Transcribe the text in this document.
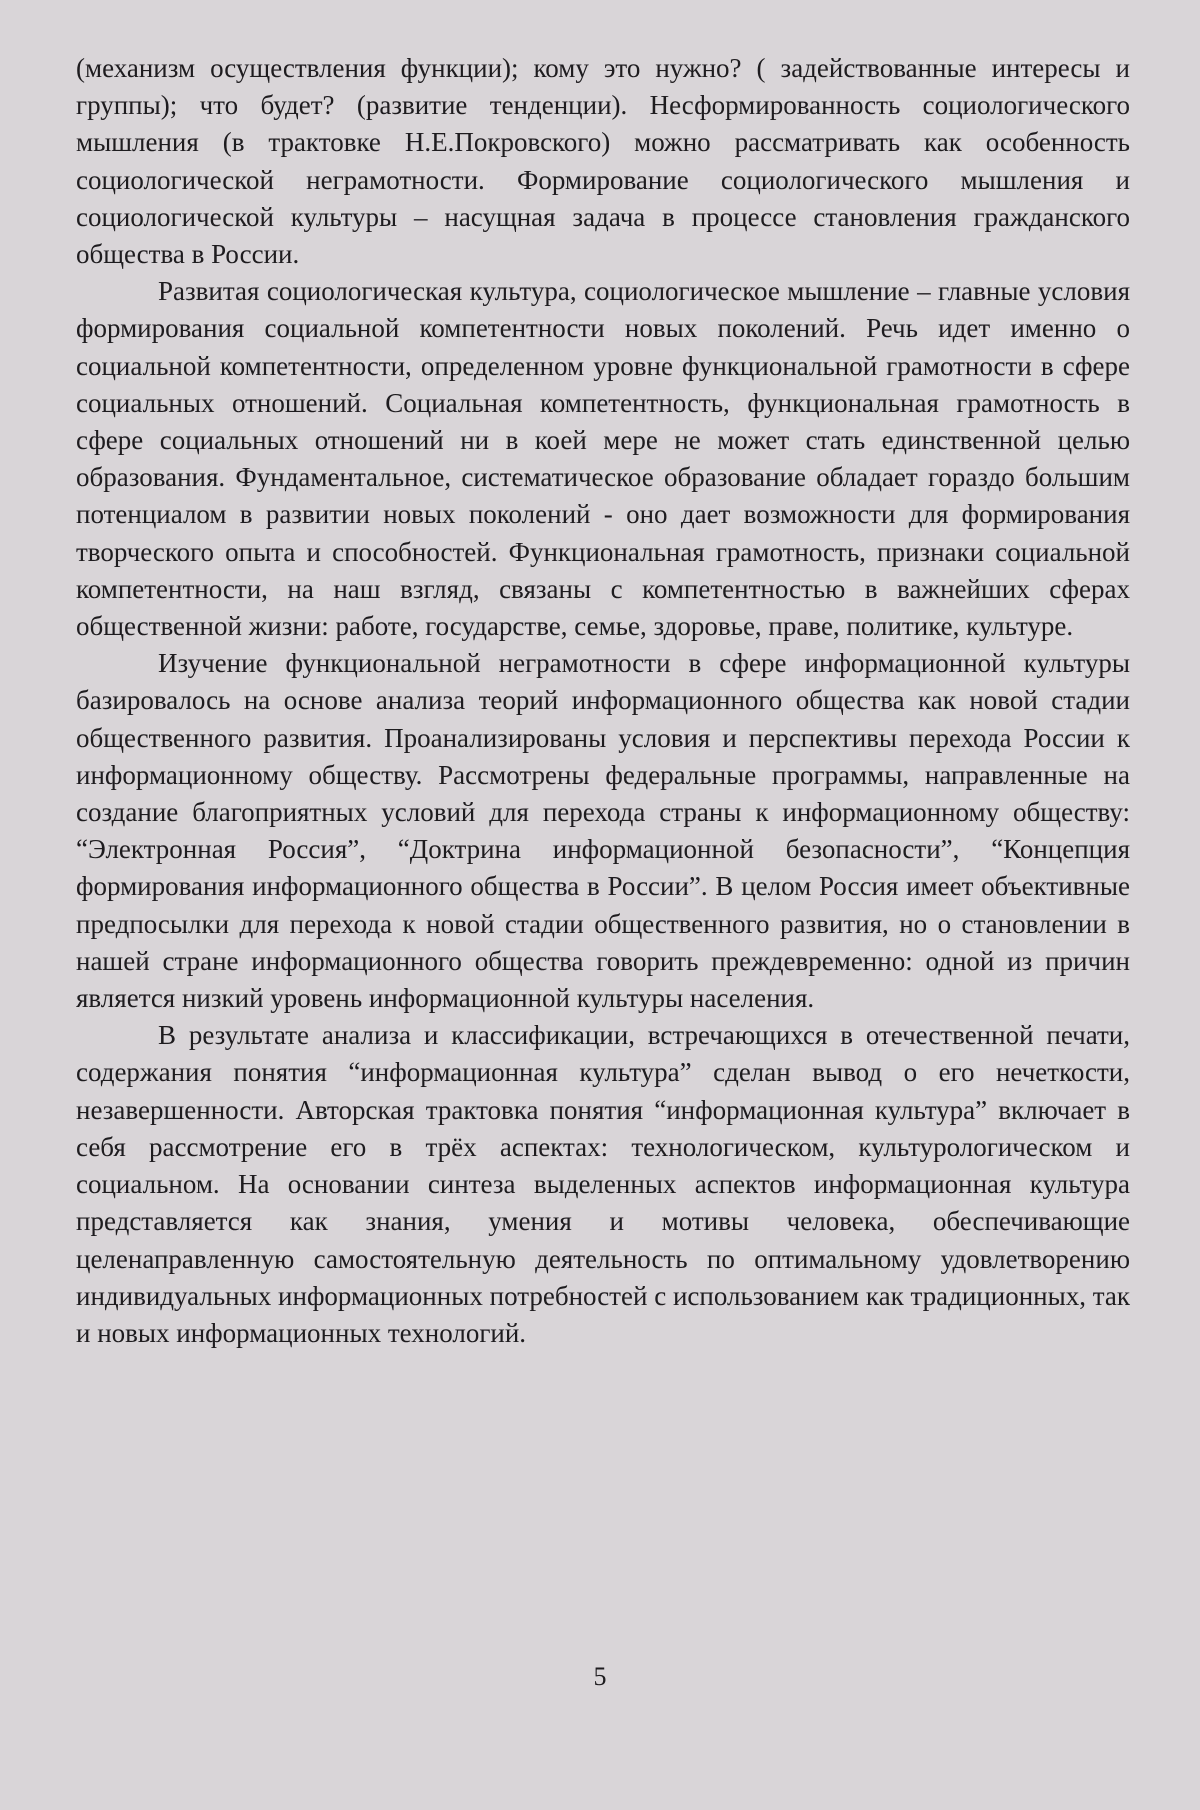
(механизм осуществления функции); кому это нужно? ( задействованные интересы и группы); что будет? (развитие тенденции). Несформированность социологического мышления (в трактовке Н.Е.Покровского) можно рассматривать как особенность социологической неграмотности. Формирование социологического мышления и социологической культуры – насущная задача в процессе становления гражданского общества в России.

Развитая социологическая культура, социологическое мышление – главные условия формирования социальной компетентности новых поколений. Речь идет именно о социальной компетентности, определенном уровне функциональной грамотности в сфере социальных отношений. Социальная компетентность, функциональная грамотность в сфере социальных отношений ни в коей мере не может стать единственной целью образования. Фундаментальное, систематическое образование обладает гораздо большим потенциалом в развитии новых поколений - оно дает возможности для формирования творческого опыта и способностей. Функциональная грамотность, признаки социальной компетентности, на наш взгляд, связаны с компетентностью в важнейших сферах общественной жизни: работе, государстве, семье, здоровье, праве, политике, культуре.

Изучение функциональной неграмотности в сфере информационной культуры базировалось на основе анализа теорий информационного общества как новой стадии общественного развития. Проанализированы условия и перспективы перехода России к информационному обществу. Рассмотрены федеральные программы, направленные на создание благоприятных условий для перехода страны к информационному обществу: “Электронная Россия”, “Доктрина информационной безопасности”, “Концепция формирования информационного общества в России”. В целом Россия имеет объективные предпосылки для перехода к новой стадии общественного развития, но о становлении в нашей стране информационного общества говорить преждевременно: одной из причин является низкий уровень информационной культуры населения.

В результате анализа и классификации, встречающихся в отечественной печати, содержания понятия “информационная культура” сделан вывод о его нечеткости, незавершенности. Авторская трактовка понятия “информационная культура” включает в себя рассмотрение его в трёх аспектах: технологическом, культурологическом и социальном. На основании синтеза выделенных аспектов информационная культура представляется как знания, умения и мотивы человека, обеспечивающие целенаправленную самостоятельную деятельность по оптимальному удовлетворению индивидуальных информационных потребностей с использованием как традиционных, так и новых информационных технологий.

5
